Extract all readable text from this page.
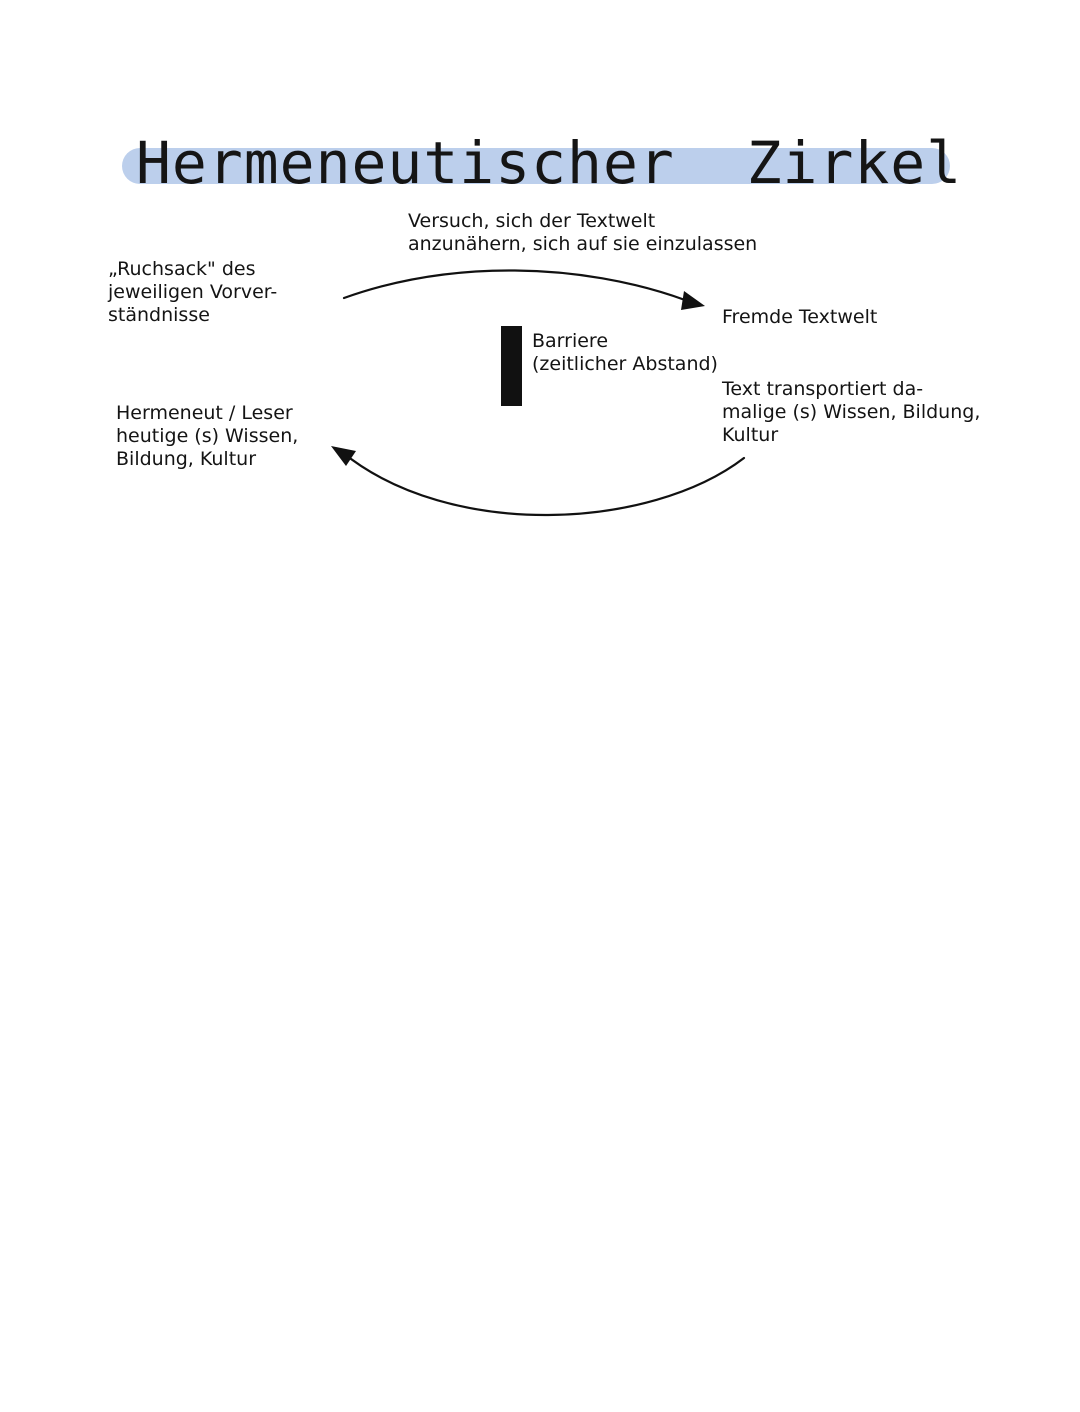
Hermeneutischer  Zirkel
„Ruchsack" des
jeweiligen Vorver-
ständnisse
Hermeneut / Leser
heutige (s) Wissen,
Bildung, Kultur
Versuch, sich der Textwelt
anzunähern, sich auf sie einzulassen
Fremde Textwelt
Barriere
(zeitlicher Abstand)
Text transportiert da-
malige (s) Wissen, Bildung,
Kultur
